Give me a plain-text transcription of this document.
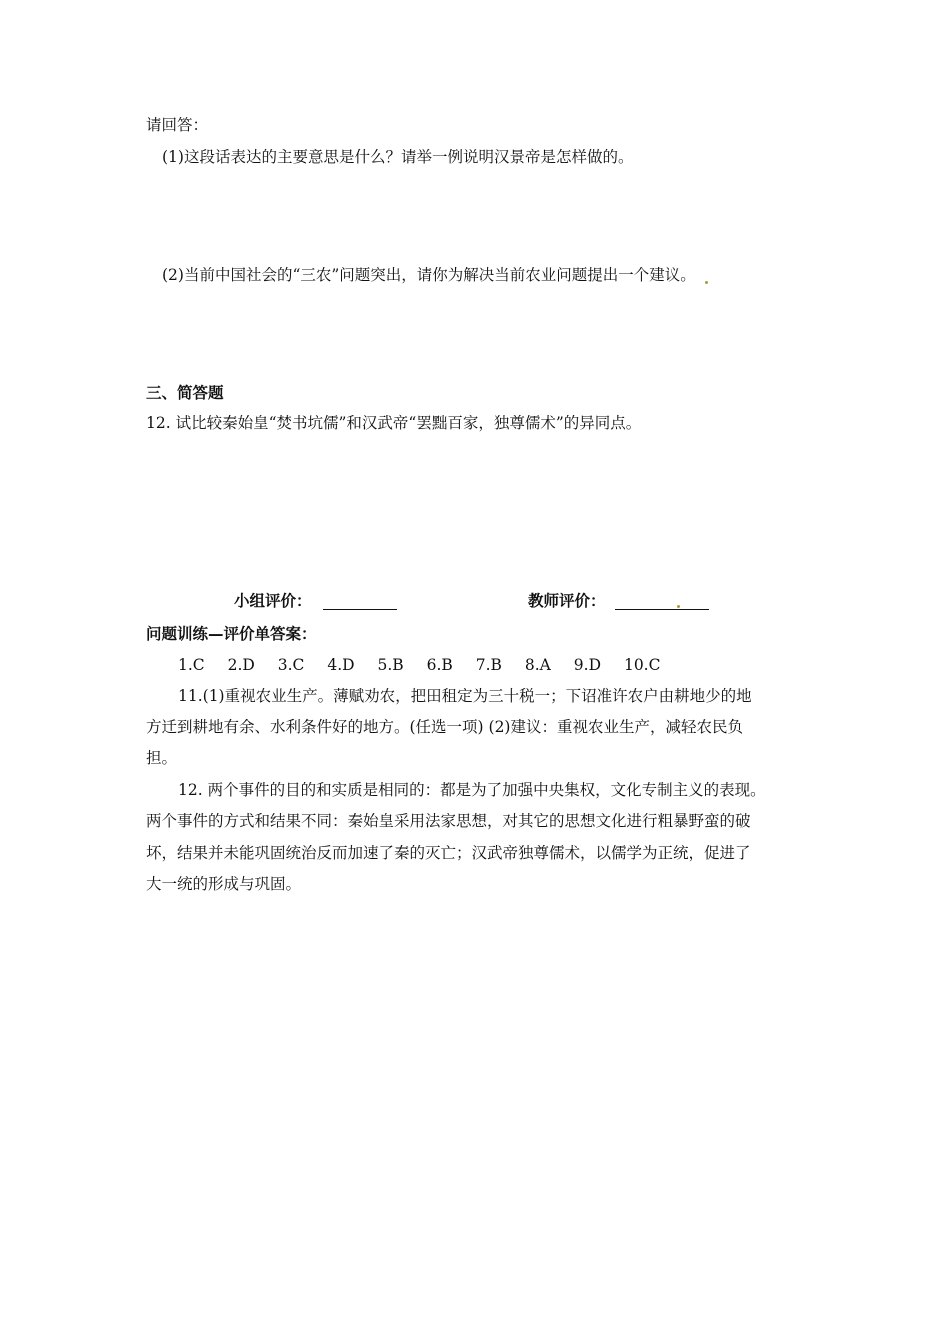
请回答：
(1)这段话表达的主要意思是什么？请举一例说明汉景帝是怎样做的。
(2)当前中国社会的“三农”问题突出，请你为解决当前农业问题提出一个建议。
三、简答题
12. 试比较秦始皇“焚书坑儒”和汉武帝“罢黜百家，独尊儒术”的异同点。
小组评价：	教师评价：
问题训练—评价单答案：
1.C 2.D 3.C 4.D 5.B 6.B 7.B 8.A 9.D 10.C
11.(1)重视农业生产。薄赋劝农，把田租定为三十税一；下诏准许农户由耕地少的地
方迁到耕地有余、水利条件好的地方。(任选一项) (2)建议：重视农业生产，减轻农民负
担。
12. 两个事件的目的和实质是相同的：都是为了加强中央集权，文化专制主义的表现。
两个事件的方式和结果不同：秦始皇采用法家思想，对其它的思想文化进行粗暴野蛮的破
坏，结果并未能巩固统治反而加速了秦的灭亡；汉武帝独尊儒术，以儒学为正统，促进了
大一统的形成与巩固。
